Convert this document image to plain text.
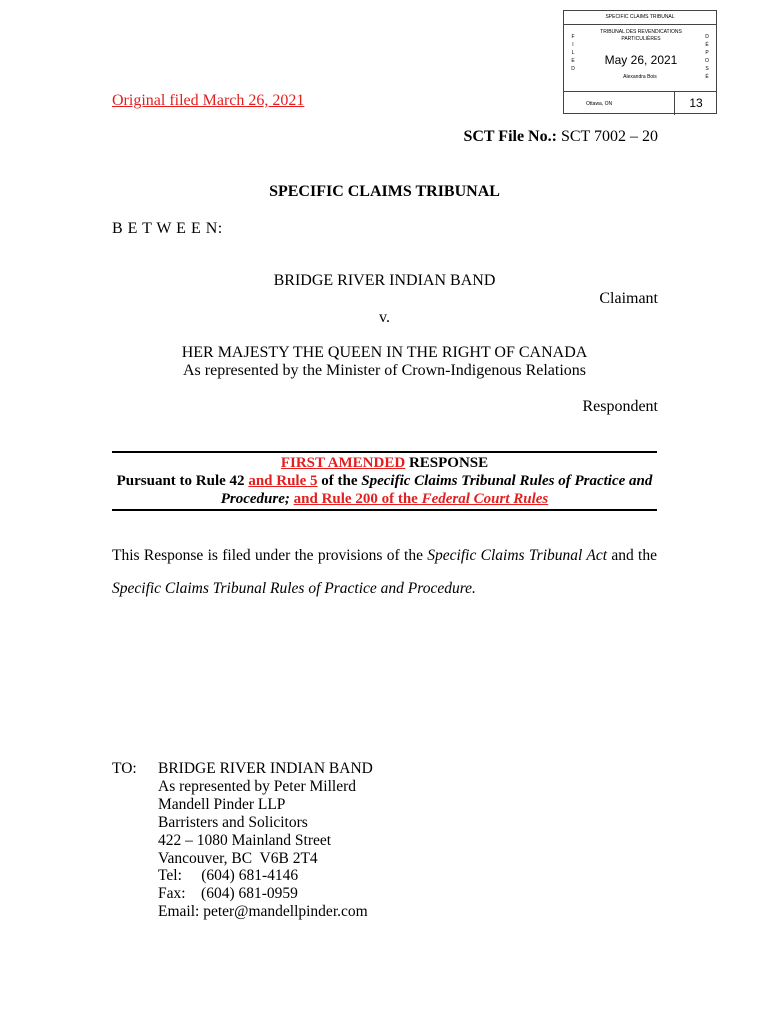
SPECIFIC CLAIMS TRIBUNAL
TRIBUNAL DES REVENDICATIONS PARTICULIÈRES
F
I
L
E
D
D
É
P
O
S
É
May 26, 2021
Alexandra Bois
Ottawa, ON	13
Original filed March 26, 2021
SCT File No.: SCT 7002 – 20
SPECIFIC CLAIMS TRIBUNAL
B E T W E E N:
BRIDGE RIVER INDIAN BAND
Claimant
v.
HER MAJESTY THE QUEEN IN THE RIGHT OF CANADA
As represented by the Minister of Crown-Indigenous Relations
Respondent
FIRST AMENDED RESPONSE
Pursuant to Rule 42 and Rule 5 of the Specific Claims Tribunal Rules of Practice and
Procedure; and Rule 200 of the Federal Court Rules
This Response is filed under the provisions of the Specific Claims Tribunal Act and the Specific Claims Tribunal Rules of Practice and Procedure.
TO: BRIDGE RIVER INDIAN BAND
As represented by Peter Millerd
Mandell Pinder LLP
Barristers and Solicitors
422 – 1080 Mainland Street
Vancouver, BC  V6B 2T4
Tel:     (604) 681-4146
Fax:    (604) 681-0959
Email: peter@mandellpinder.com
